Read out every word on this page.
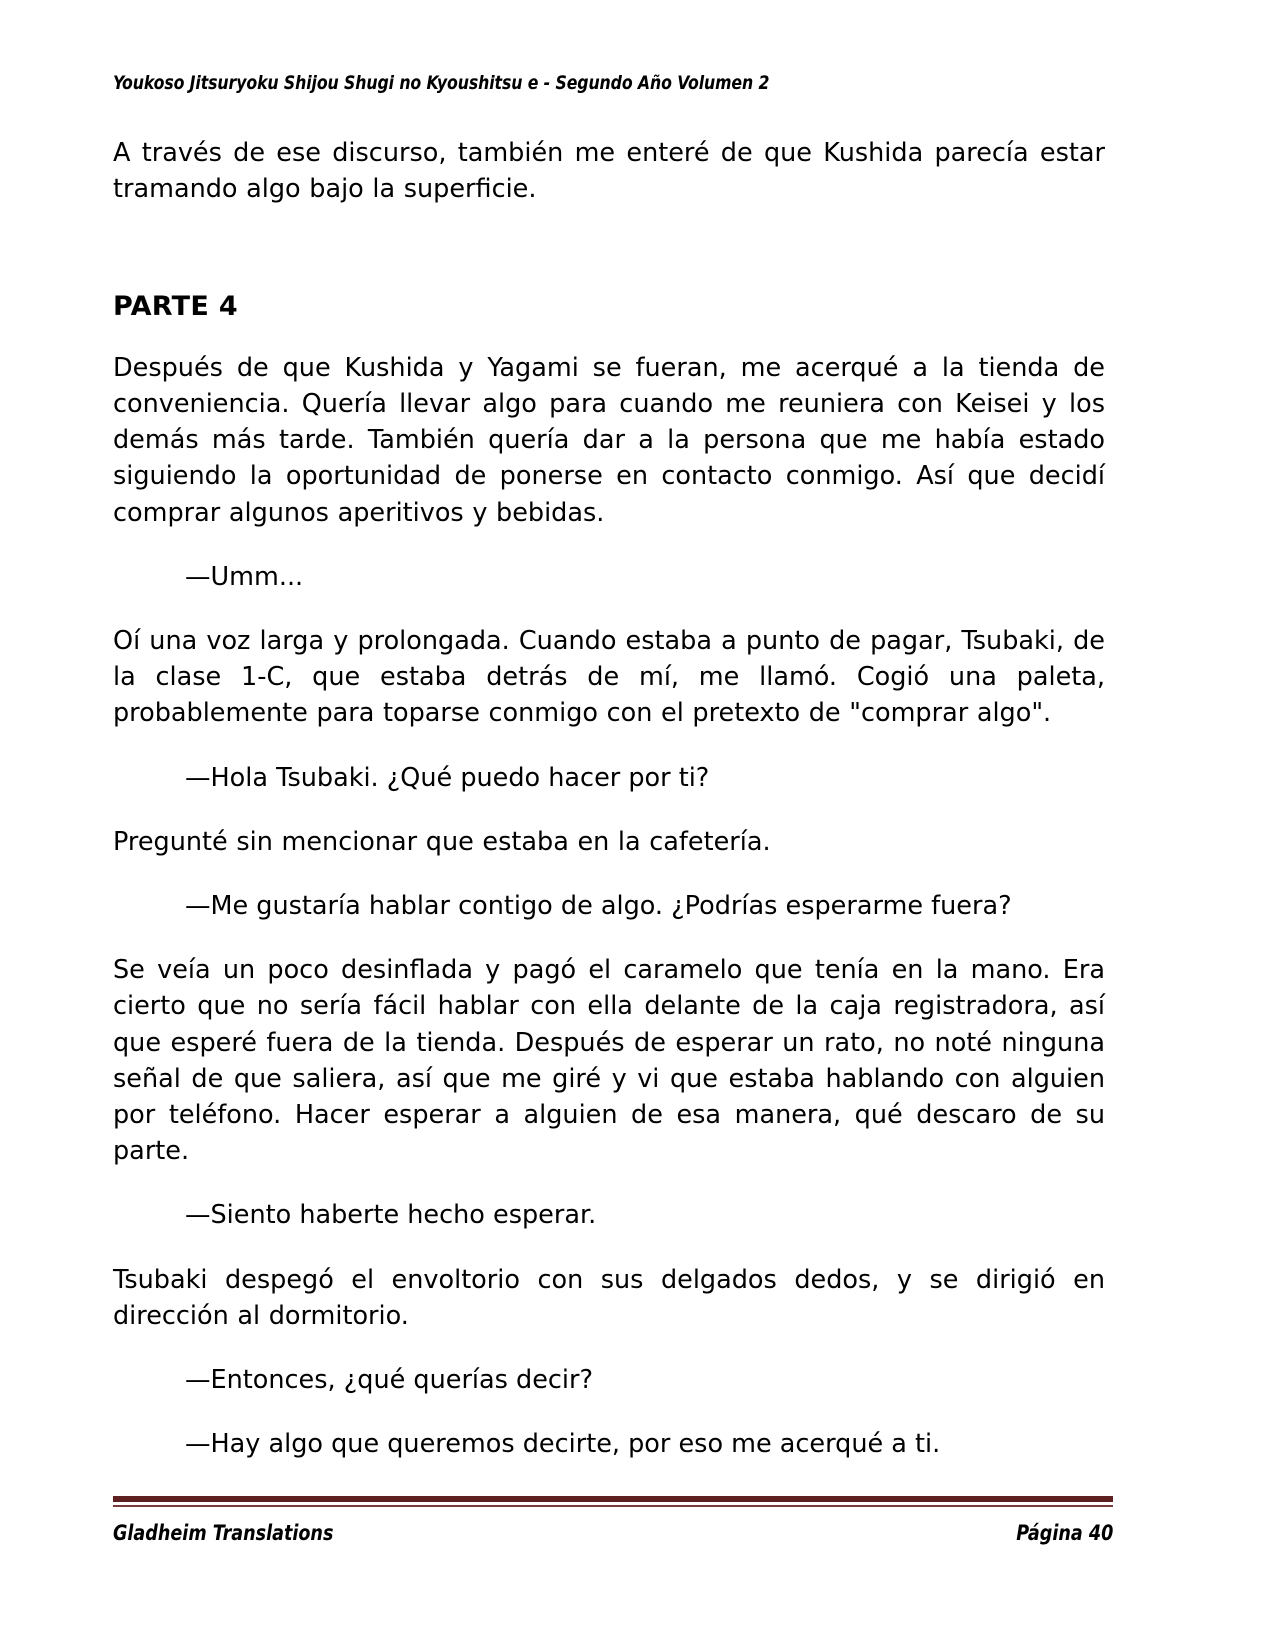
Youkoso Jitsuryoku Shijou Shugi no Kyoushitsu e - Segundo Año Volumen 2

A través de ese discurso, también me enteré de que Kushida parecía estar tramando algo bajo la superficie.

PARTE 4

Después de que Kushida y Yagami se fueran, me acerqué a la tienda de conveniencia. Quería llevar algo para cuando me reuniera con Keisei y los demás más tarde. También quería dar a la persona que me había estado siguiendo la oportunidad de ponerse en contacto conmigo. Así que decidí comprar algunos aperitivos y bebidas.

—Umm...

Oí una voz larga y prolongada. Cuando estaba a punto de pagar, Tsubaki, de la clase 1-C, que estaba detrás de mí, me llamó. Cogió una paleta, probablemente para toparse conmigo con el pretexto de "comprar algo".

—Hola Tsubaki. ¿Qué puedo hacer por ti?

Pregunté sin mencionar que estaba en la cafetería.

—Me gustaría hablar contigo de algo. ¿Podrías esperarme fuera?

Se veía un poco desinflada y pagó el caramelo que tenía en la mano. Era cierto que no sería fácil hablar con ella delante de la caja registradora, así que esperé fuera de la tienda. Después de esperar un rato, no noté ninguna señal de que saliera, así que me giré y vi que estaba hablando con alguien por teléfono. Hacer esperar a alguien de esa manera, qué descaro de su parte.

—Siento haberte hecho esperar.

Tsubaki despegó el envoltorio con sus delgados dedos, y se dirigió en dirección al dormitorio.

—Entonces, ¿qué querías decir?

—Hay algo que queremos decirte, por eso me acerqué a ti.

Gladheim Translations	Página 40
